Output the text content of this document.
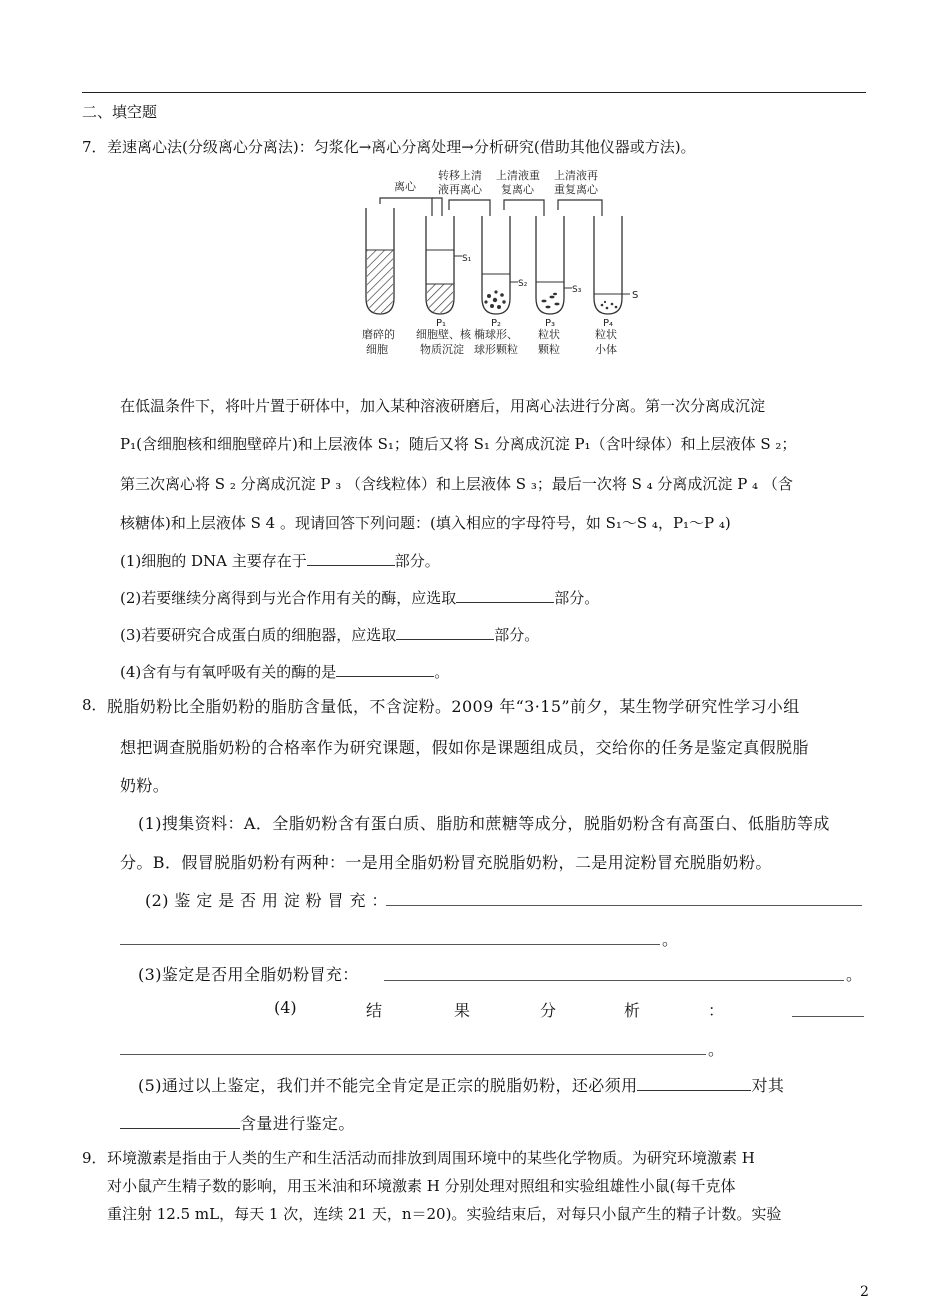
二、填空题
7． 差速离心法(分级离心分离法)：匀浆化→离心分离处理→分析研究(借助其他仪器或方法)。
离心
转移上清
液再离心
上清液重
复离心
上清液再
重复离心
S₁
S₂
S₃	S
P₁	P₂	P₃	P₄
磨碎的
细胞
细胞壁、核
物质沉淀
椭球形、
球形颗粒
粒状
颗粒
粒状
小体
在低温条件下，将叶片置于研体中，加入某种溶液研磨后，用离心法进行分离。第一次分离成沉淀
P₁(含细胞核和细胞壁碎片)和上层液体 S₁；随后又将 S₁ 分离成沉淀 P₁（含叶绿体）和上层液体 S ₂；
第三次离心将 S ₂ 分离成沉淀 P ₃ （含线粒体）和上层液体 S ₃；最后一次将 S ₄ 分离成沉淀 P ₄ （含
核糖体)和上层液体 S 4 。现请回答下列问题：(填入相应的字母符号，如 S₁～S ₄，P₁～P ₄)
(1)细胞的 DNA 主要存在于	部分。
(2)若要继续分离得到与光合作用有关的酶，应选取	部分。
(3)若要研究合成蛋白质的细胞器，应选取	部分。
(4)含有与有氧呼吸有关的酶的是	。
8． 脱脂奶粉比全脂奶粉的脂肪含量低，不含淀粉。2009 年“3·15”前夕，某生物学研究性学习小组
想把调查脱脂奶粉的合格率作为研究课题，假如你是课题组成员，交给你的任务是鉴定真假脱脂
奶粉。
(1)搜集资料：A．全脂奶粉含有蛋白质、脂肪和蔗糖等成分，脱脂奶粉含有高蛋白、低脂肪等成
分。B．假冒脱脂奶粉有两种：一是用全脂奶粉冒充脱脂奶粉，二是用淀粉冒充脱脂奶粉。
(2) 鉴 定 是 否 用 淀 粉 冒 充 ：
。
(3)鉴定是否用全脂奶粉冒充：	。
(4)	结	果	分	析	：
。
(5)通过以上鉴定，我们并不能完全肯定是正宗的脱脂奶粉，还必须用	对其
含量进行鉴定。
9． 环境激素是指由于人类的生产和生活活动而排放到周围环境中的某些化学物质。为研究环境激素 H
对小鼠产生精子数的影响，用玉米油和环境激素 H 分别处理对照组和实验组雄性小鼠(每千克体
重注射 12.5 mL，每天 1 次，连续 21 天，n＝20)。实验结束后，对每只小鼠产生的精子计数。实验
2
